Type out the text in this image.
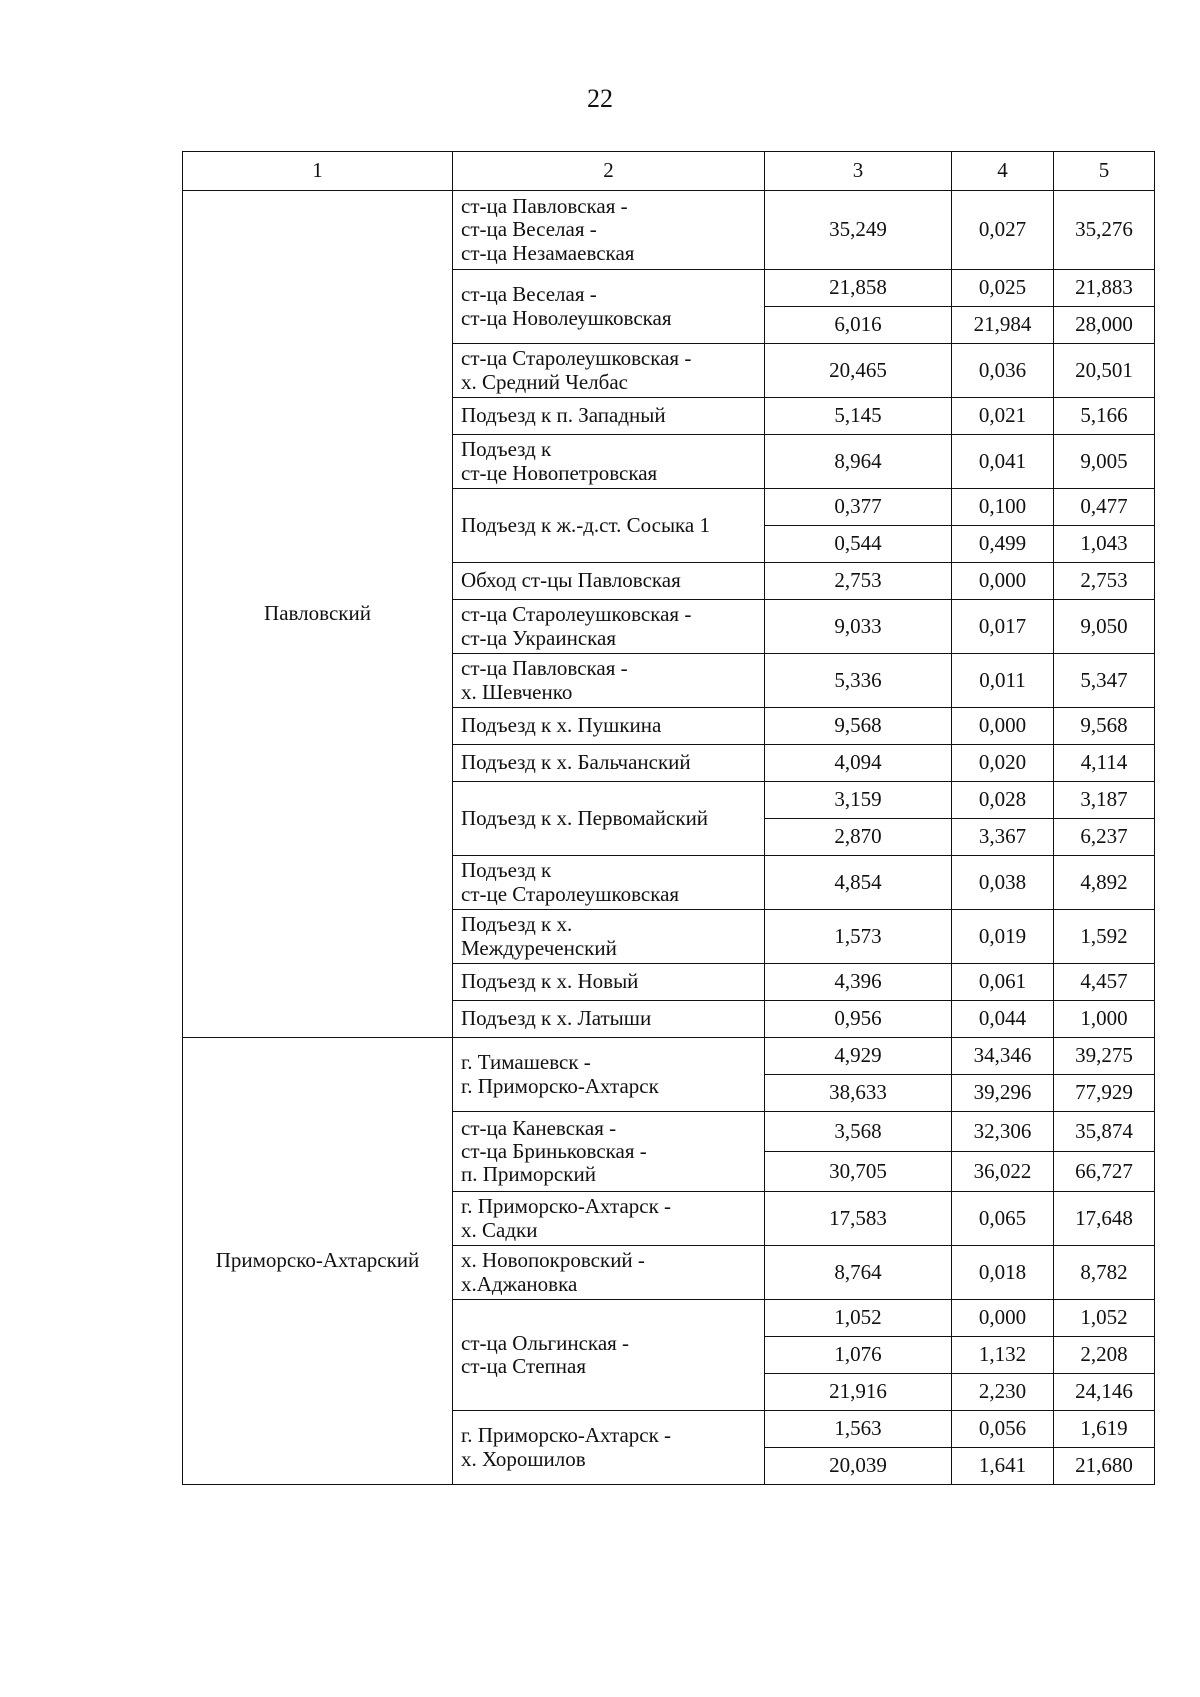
22
1	2	3	4	5
Павловский	ст-ца Павловская -
ст-ца Веселая -
ст-ца Незамаевская	35,249	0,027	35,276
	ст-ца Веселая -
ст-ца Новолеушковская	21,858	0,025	21,883
		6,016	21,984	28,000
	ст-ца Старолеушковская -
х. Средний Челбас	20,465	0,036	20,501
	Подъезд к п. Западный	5,145	0,021	5,166
	Подъезд к
ст-це Новопетровская	8,964	0,041	9,005
	Подъезд к ж.-д.ст. Сосыка 1	0,377	0,100	0,477
		0,544	0,499	1,043
	Обход ст-цы Павловская	2,753	0,000	2,753
	ст-ца Старолеушковская -
ст-ца Украинская	9,033	0,017	9,050
	ст-ца Павловская -
х. Шевченко	5,336	0,011	5,347
	Подъезд к х. Пушкина	9,568	0,000	9,568
	Подъезд к х. Бальчанский	4,094	0,020	4,114
	Подъезд к х. Первомайский	3,159	0,028	3,187
		2,870	3,367	6,237
	Подъезд к
ст-це Старолеушковская	4,854	0,038	4,892
	Подъезд к х.
Междуреченский	1,573	0,019	1,592
	Подъезд к х. Новый	4,396	0,061	4,457
	Подъезд к х. Латыши	0,956	0,044	1,000
Приморско-Ахтарский	г. Тимашевск -
г. Приморско-Ахтарск	4,929	34,346	39,275
		38,633	39,296	77,929
	ст-ца Каневская -
ст-ца Бриньковская -
п. Приморский	3,568	32,306	35,874
		30,705	36,022	66,727
	г. Приморско-Ахтарск -
х. Садки	17,583	0,065	17,648
	х. Новопокровский -
х.Аджановка	8,764	0,018	8,782
	ст-ца Ольгинская -
ст-ца Степная	1,052	0,000	1,052
		1,076	1,132	2,208
		21,916	2,230	24,146
	г. Приморско-Ахтарск -
х. Хорошилов	1,563	0,056	1,619
		20,039	1,641	21,680
